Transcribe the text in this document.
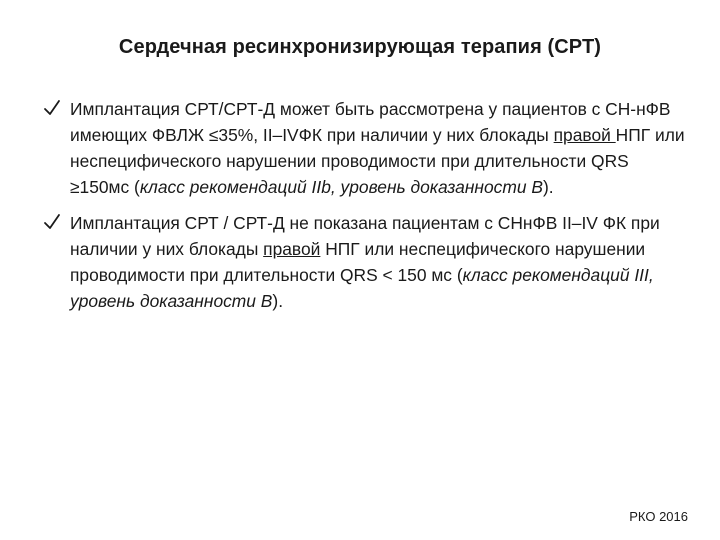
Сердечная ресинхронизирующая терапия (СРТ)
Имплантация СРТ/СРТ-Д может быть рассмотрена у пациентов с СН-нФВ имеющих ФВЛЖ ≤35%, II–IVФК при наличии у них блокады правой НПГ или неспецифического нарушении проводимости при длительности QRS ≥150мс (класс рекомендаций IIb, уровень доказанности B).
Имплантация СРТ / СРТ-Д не показана пациентам с СНнФВ II–IV ФК при наличии у них блокады правой НПГ или неспецифического нарушении проводимости при длительности QRS < 150 мс (класс рекомендаций III, уровень доказанности B).
РКО 2016
